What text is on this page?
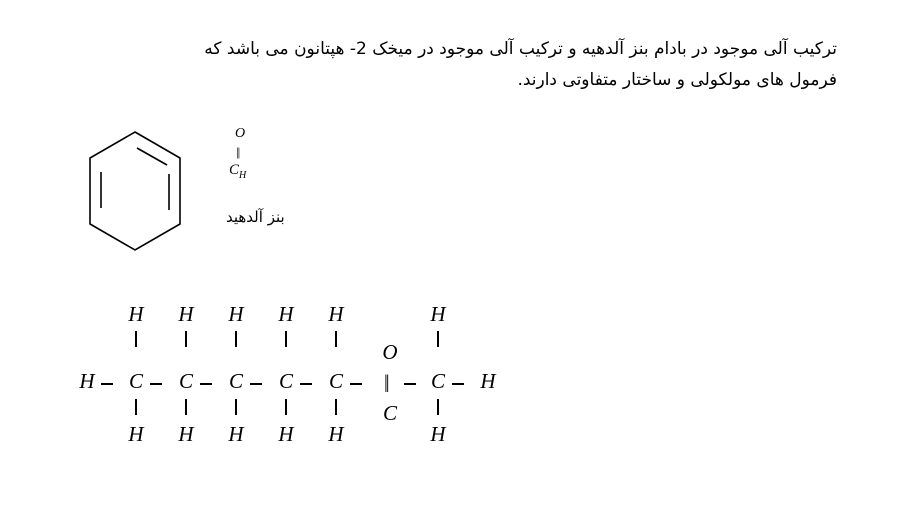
ترکیب آلی موجود در بادام بنز آلدهیه و ترکیب آلی موجود در میخک 2- هپتانون می باشد که

فرمول های مولکولی و ساختار متفاوتی دارند.

O
||
$C_H$
بنز آلدهید
H
H
C
H
H
C
H
H
C
H
H
C
H
H
C
H
O
||
C
H
C
H
H
